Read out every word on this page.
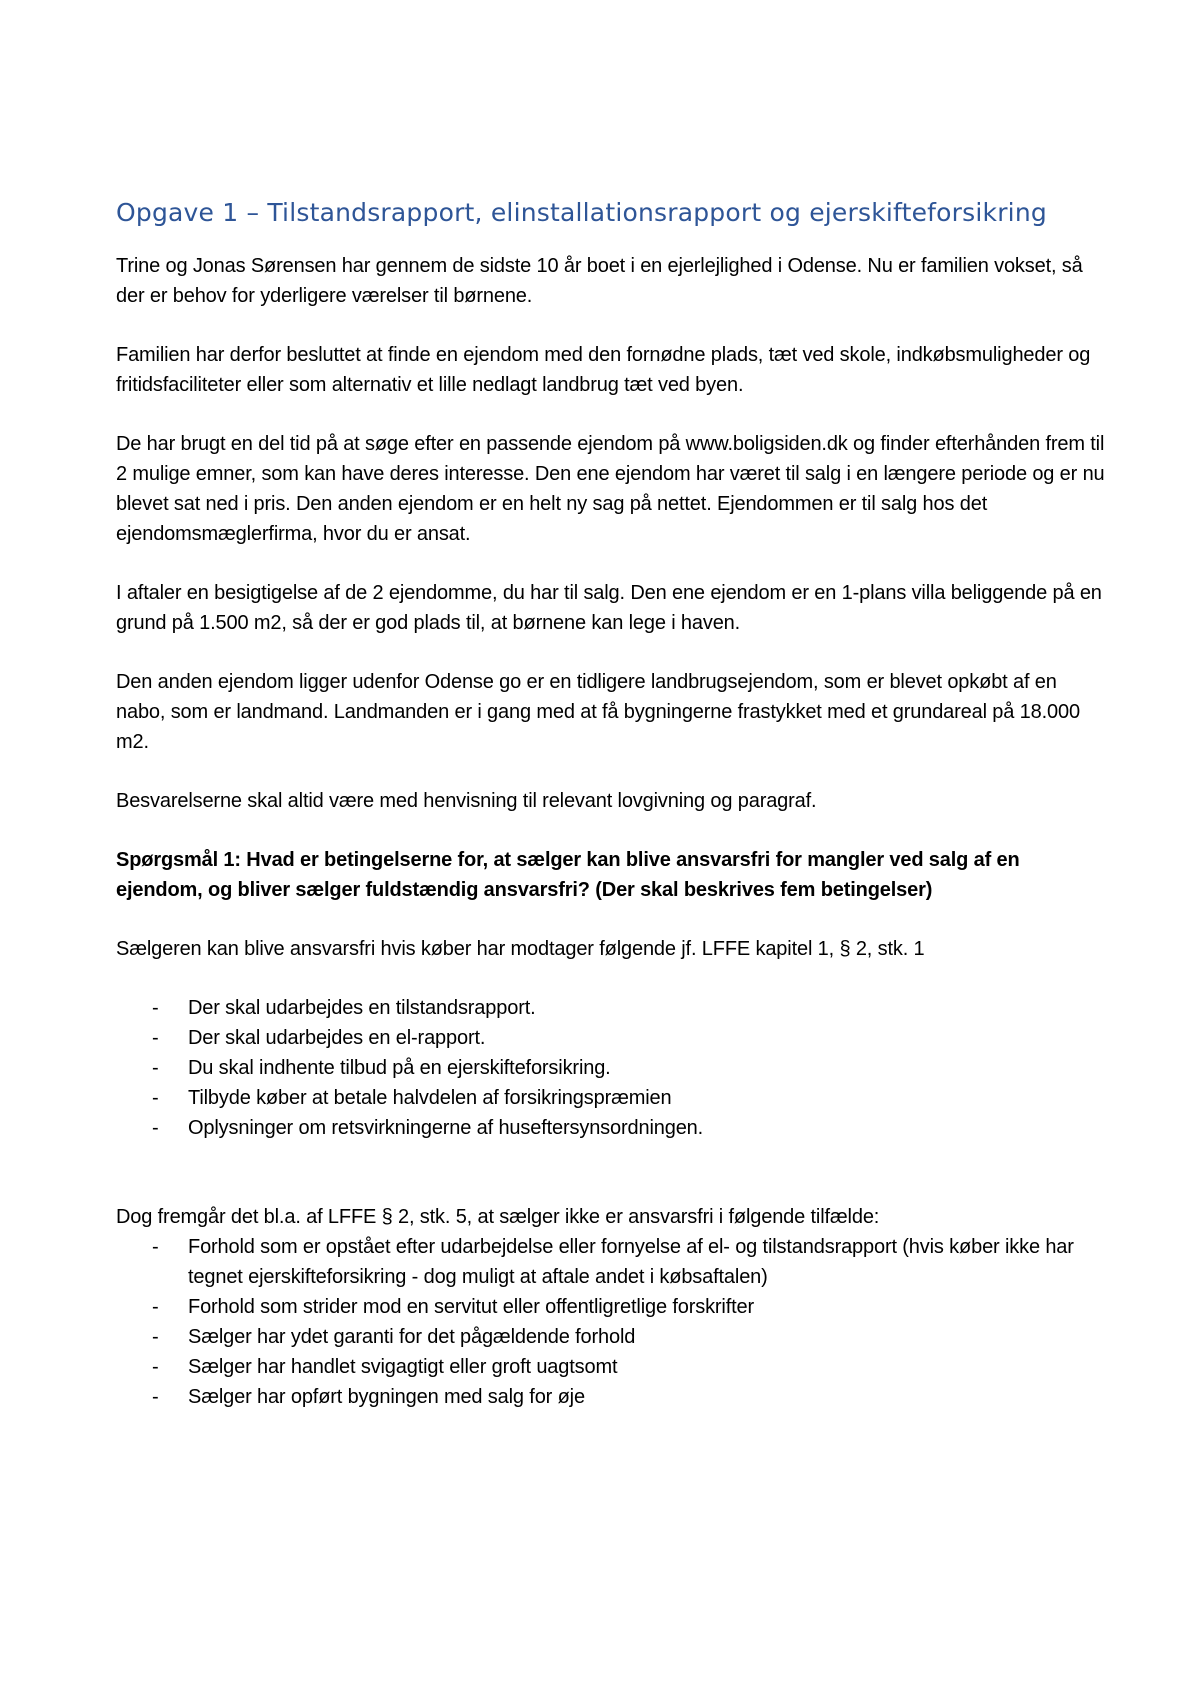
Opgave 1 – Tilstandsrapport, elinstallationsrapport og ejerskifteforsikring

Trine og Jonas Sørensen har gennem de sidste 10 år boet i en ejerlejlighed i Odense. Nu er familien vokset, så der er behov for yderligere værelser til børnene.

Familien har derfor besluttet at finde en ejendom med den fornødne plads, tæt ved skole, indkøbsmuligheder og fritidsfaciliteter eller som alternativ et lille nedlagt landbrug tæt ved byen.

De har brugt en del tid på at søge efter en passende ejendom på www.boligsiden.dk og finder efterhånden frem til 2 mulige emner, som kan have deres interesse. Den ene ejendom har været til salg i en længere periode og er nu blevet sat ned i pris. Den anden ejendom er en helt ny sag på nettet. Ejendommen er til salg hos det ejendomsmæglerfirma, hvor du er ansat.

I aftaler en besigtigelse af de 2 ejendomme, du har til salg. Den ene ejendom er en 1-plans villa beliggende på en grund på 1.500 m2, så der er god plads til, at børnene kan lege i haven.

Den anden ejendom ligger udenfor Odense go er en tidligere landbrugsejendom, som er blevet opkøbt af en nabo, som er landmand. Landmanden er i gang med at få bygningerne frastykket med et grundareal på 18.000 m2.

Besvarelserne skal altid være med henvisning til relevant lovgivning og paragraf.

Spørgsmål 1: Hvad er betingelserne for, at sælger kan blive ansvarsfri for mangler ved salg af en ejendom, og bliver sælger fuldstændig ansvarsfri? (Der skal beskrives fem betingelser)

Sælgeren kan blive ansvarsfri hvis køber har modtager følgende jf. LFFE kapitel 1, § 2, stk. 1

- Der skal udarbejdes en tilstandsrapport.
- Der skal udarbejdes en el-rapport.
- Du skal indhente tilbud på en ejerskifteforsikring.
- Tilbyde køber at betale halvdelen af forsikringspræmien
- Oplysninger om retsvirkningerne af huseftersynsordningen.

Dog fremgår det bl.a. af LFFE § 2, stk. 5, at sælger ikke er ansvarsfri i følgende tilfælde:

- Forhold som er opstået efter udarbejdelse eller fornyelse af el- og tilstandsrapport (hvis køber ikke har tegnet ejerskifteforsikring - dog muligt at aftale andet i købsaftalen)
- Forhold som strider mod en servitut eller offentligretlige forskrifter
- Sælger har ydet garanti for det pågældende forhold
- Sælger har handlet svigagtigt eller groft uagtsomt
- Sælger har opført bygningen med salg for øje
